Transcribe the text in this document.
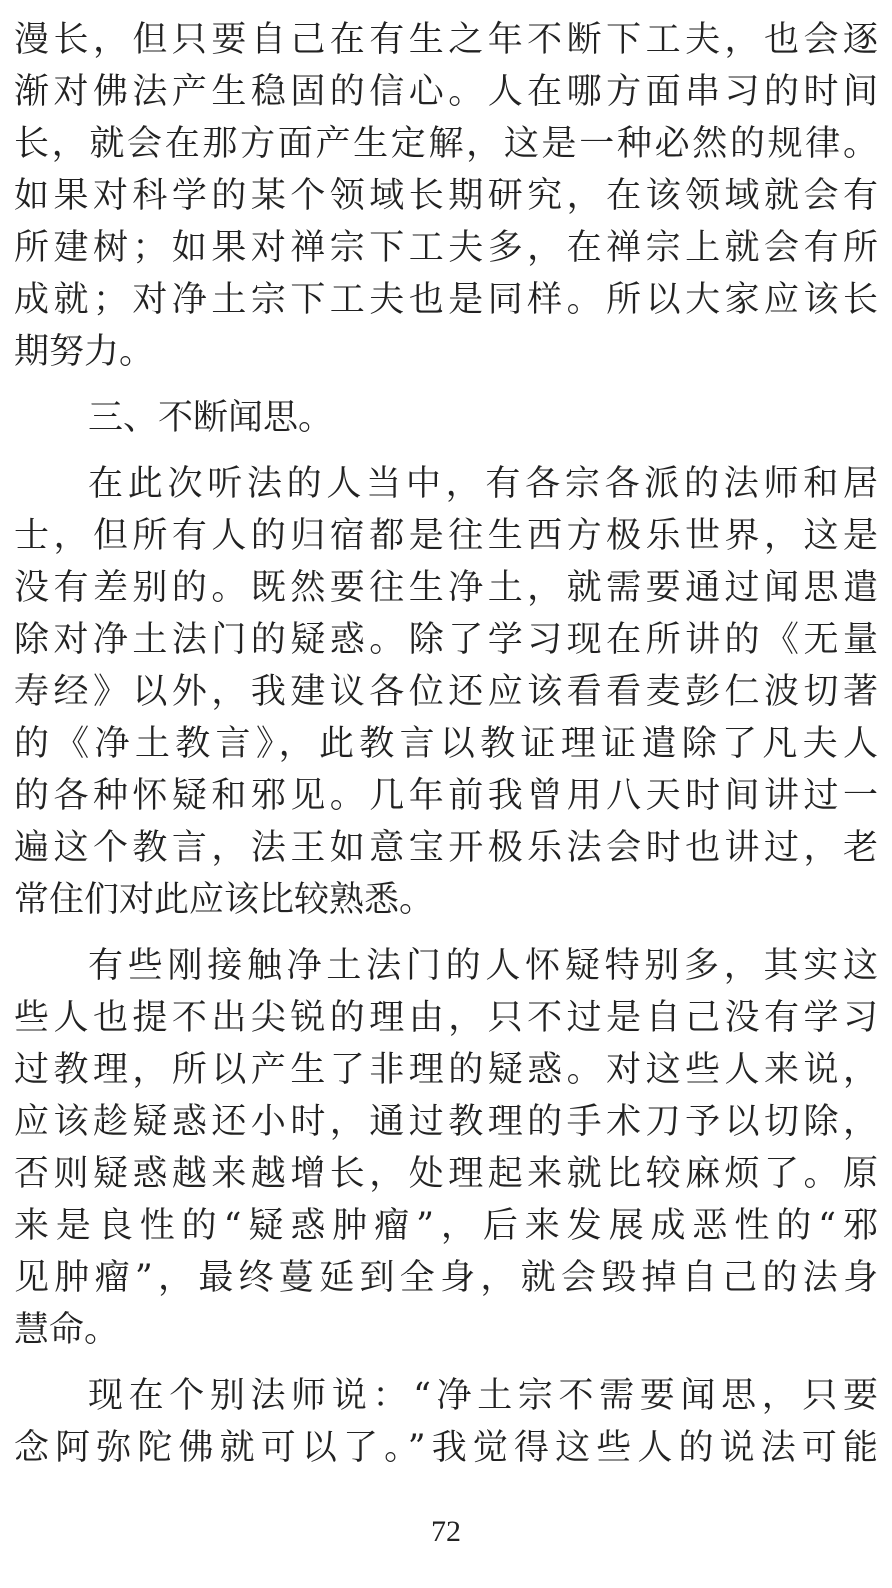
漫长，但只要自己在有生之年不断下工夫，也会逐
渐对佛法产生稳固的信心。人在哪方面串习的时间
长，就会在那方面产生定解，这是一种必然的规律。
如果对科学的某个领域长期研究，在该领域就会有
所建树；如果对禅宗下工夫多，在禅宗上就会有所
成就；对净土宗下工夫也是同样。所以大家应该长
期努力。
三、不断闻思。
在此次听法的人当中，有各宗各派的法师和居
士，但所有人的归宿都是往生西方极乐世界，这是
没有差别的。既然要往生净土，就需要通过闻思遣
除对净土法门的疑惑。除了学习现在所讲的《无量
寿经》以外，我建议各位还应该看看麦彭仁波切著
的《净土教言》，此教言以教证理证遣除了凡夫人
的各种怀疑和邪见。几年前我曾用八天时间讲过一
遍这个教言，法王如意宝开极乐法会时也讲过，老
常住们对此应该比较熟悉。
有些刚接触净土法门的人怀疑特别多，其实这
些人也提不出尖锐的理由，只不过是自己没有学习
过教理，所以产生了非理的疑惑。对这些人来说，
应该趁疑惑还小时，通过教理的手术刀予以切除，
否则疑惑越来越增长，处理起来就比较麻烦了。原
来是良性的“疑惑肿瘤”，后来发展成恶性的“邪
见肿瘤”，最终蔓延到全身，就会毁掉自己的法身
慧命。
现在个别法师说：“净土宗不需要闻思，只要
念阿弥陀佛就可以了。”我觉得这些人的说法可能
72
